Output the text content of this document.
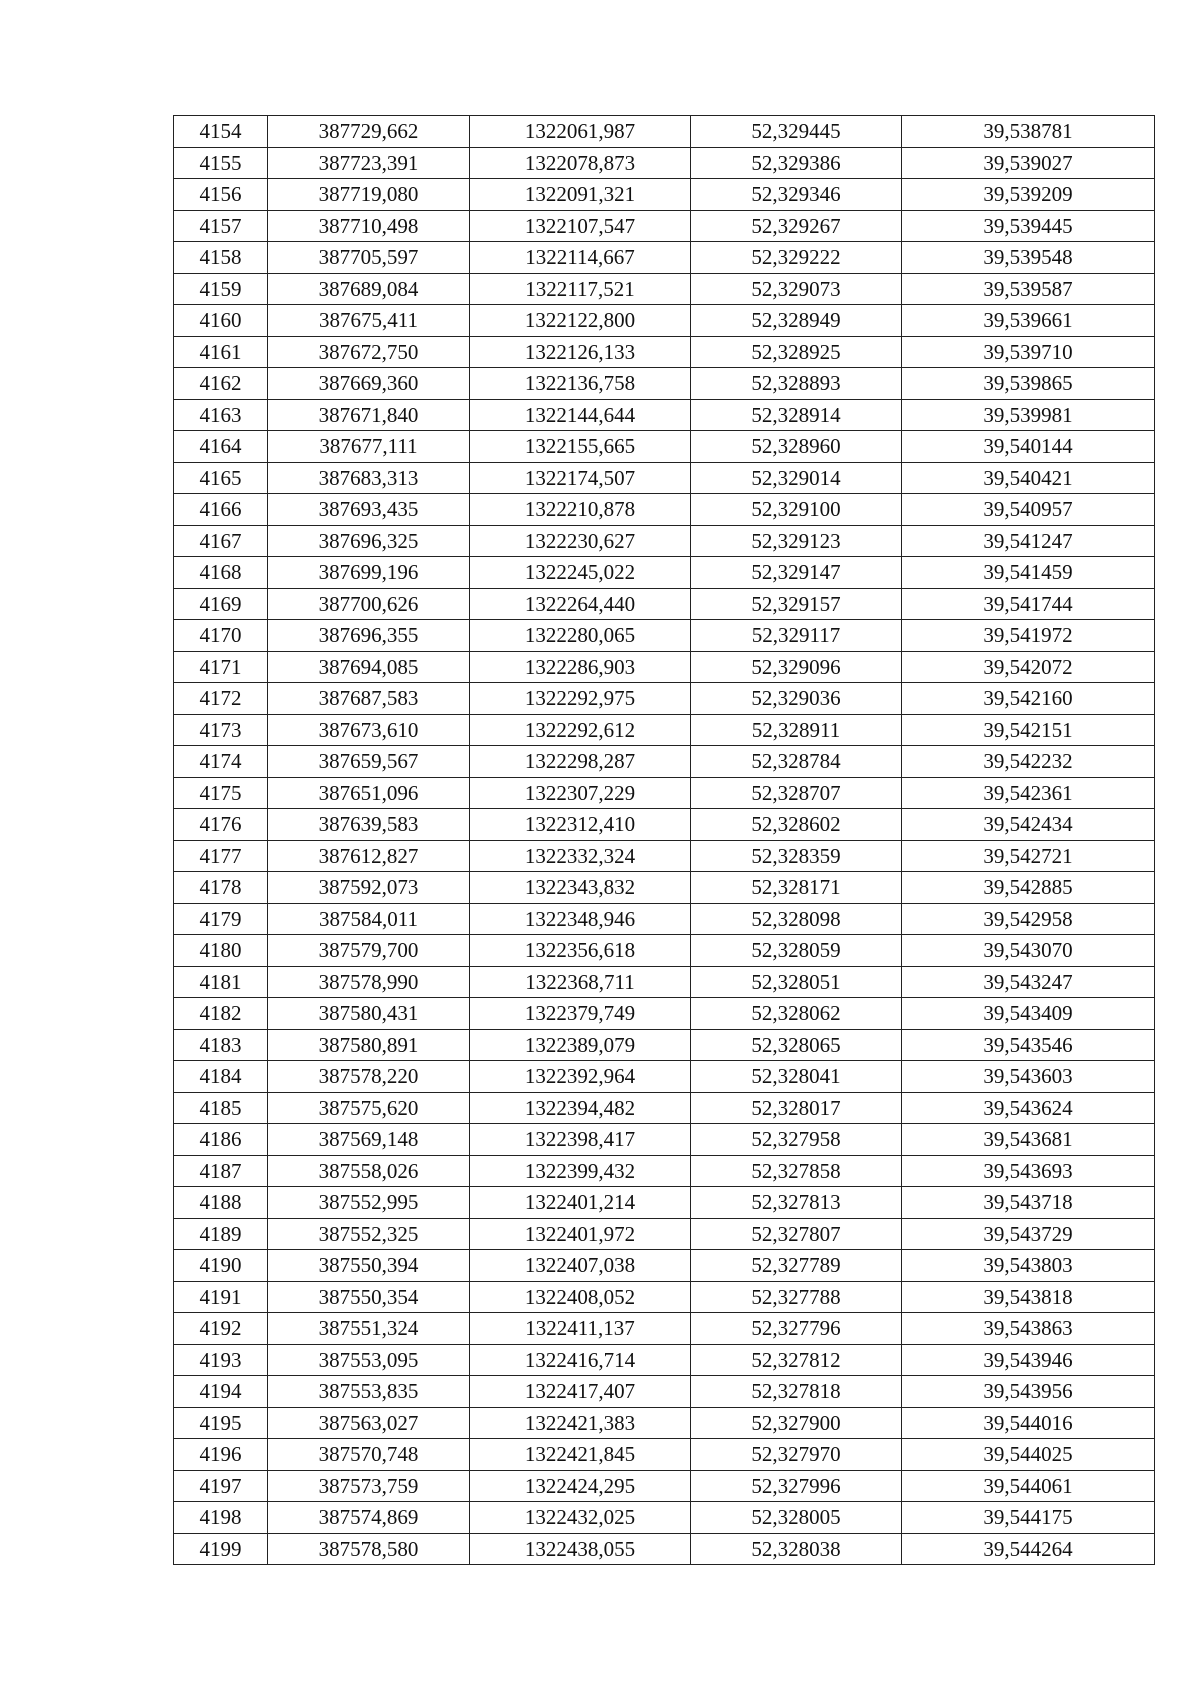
4154	387729,662	1322061,987	52,329445	39,538781
4155	387723,391	1322078,873	52,329386	39,539027
4156	387719,080	1322091,321	52,329346	39,539209
4157	387710,498	1322107,547	52,329267	39,539445
4158	387705,597	1322114,667	52,329222	39,539548
4159	387689,084	1322117,521	52,329073	39,539587
4160	387675,411	1322122,800	52,328949	39,539661
4161	387672,750	1322126,133	52,328925	39,539710
4162	387669,360	1322136,758	52,328893	39,539865
4163	387671,840	1322144,644	52,328914	39,539981
4164	387677,111	1322155,665	52,328960	39,540144
4165	387683,313	1322174,507	52,329014	39,540421
4166	387693,435	1322210,878	52,329100	39,540957
4167	387696,325	1322230,627	52,329123	39,541247
4168	387699,196	1322245,022	52,329147	39,541459
4169	387700,626	1322264,440	52,329157	39,541744
4170	387696,355	1322280,065	52,329117	39,541972
4171	387694,085	1322286,903	52,329096	39,542072
4172	387687,583	1322292,975	52,329036	39,542160
4173	387673,610	1322292,612	52,328911	39,542151
4174	387659,567	1322298,287	52,328784	39,542232
4175	387651,096	1322307,229	52,328707	39,542361
4176	387639,583	1322312,410	52,328602	39,542434
4177	387612,827	1322332,324	52,328359	39,542721
4178	387592,073	1322343,832	52,328171	39,542885
4179	387584,011	1322348,946	52,328098	39,542958
4180	387579,700	1322356,618	52,328059	39,543070
4181	387578,990	1322368,711	52,328051	39,543247
4182	387580,431	1322379,749	52,328062	39,543409
4183	387580,891	1322389,079	52,328065	39,543546
4184	387578,220	1322392,964	52,328041	39,543603
4185	387575,620	1322394,482	52,328017	39,543624
4186	387569,148	1322398,417	52,327958	39,543681
4187	387558,026	1322399,432	52,327858	39,543693
4188	387552,995	1322401,214	52,327813	39,543718
4189	387552,325	1322401,972	52,327807	39,543729
4190	387550,394	1322407,038	52,327789	39,543803
4191	387550,354	1322408,052	52,327788	39,543818
4192	387551,324	1322411,137	52,327796	39,543863
4193	387553,095	1322416,714	52,327812	39,543946
4194	387553,835	1322417,407	52,327818	39,543956
4195	387563,027	1322421,383	52,327900	39,544016
4196	387570,748	1322421,845	52,327970	39,544025
4197	387573,759	1322424,295	52,327996	39,544061
4198	387574,869	1322432,025	52,328005	39,544175
4199	387578,580	1322438,055	52,328038	39,544264
